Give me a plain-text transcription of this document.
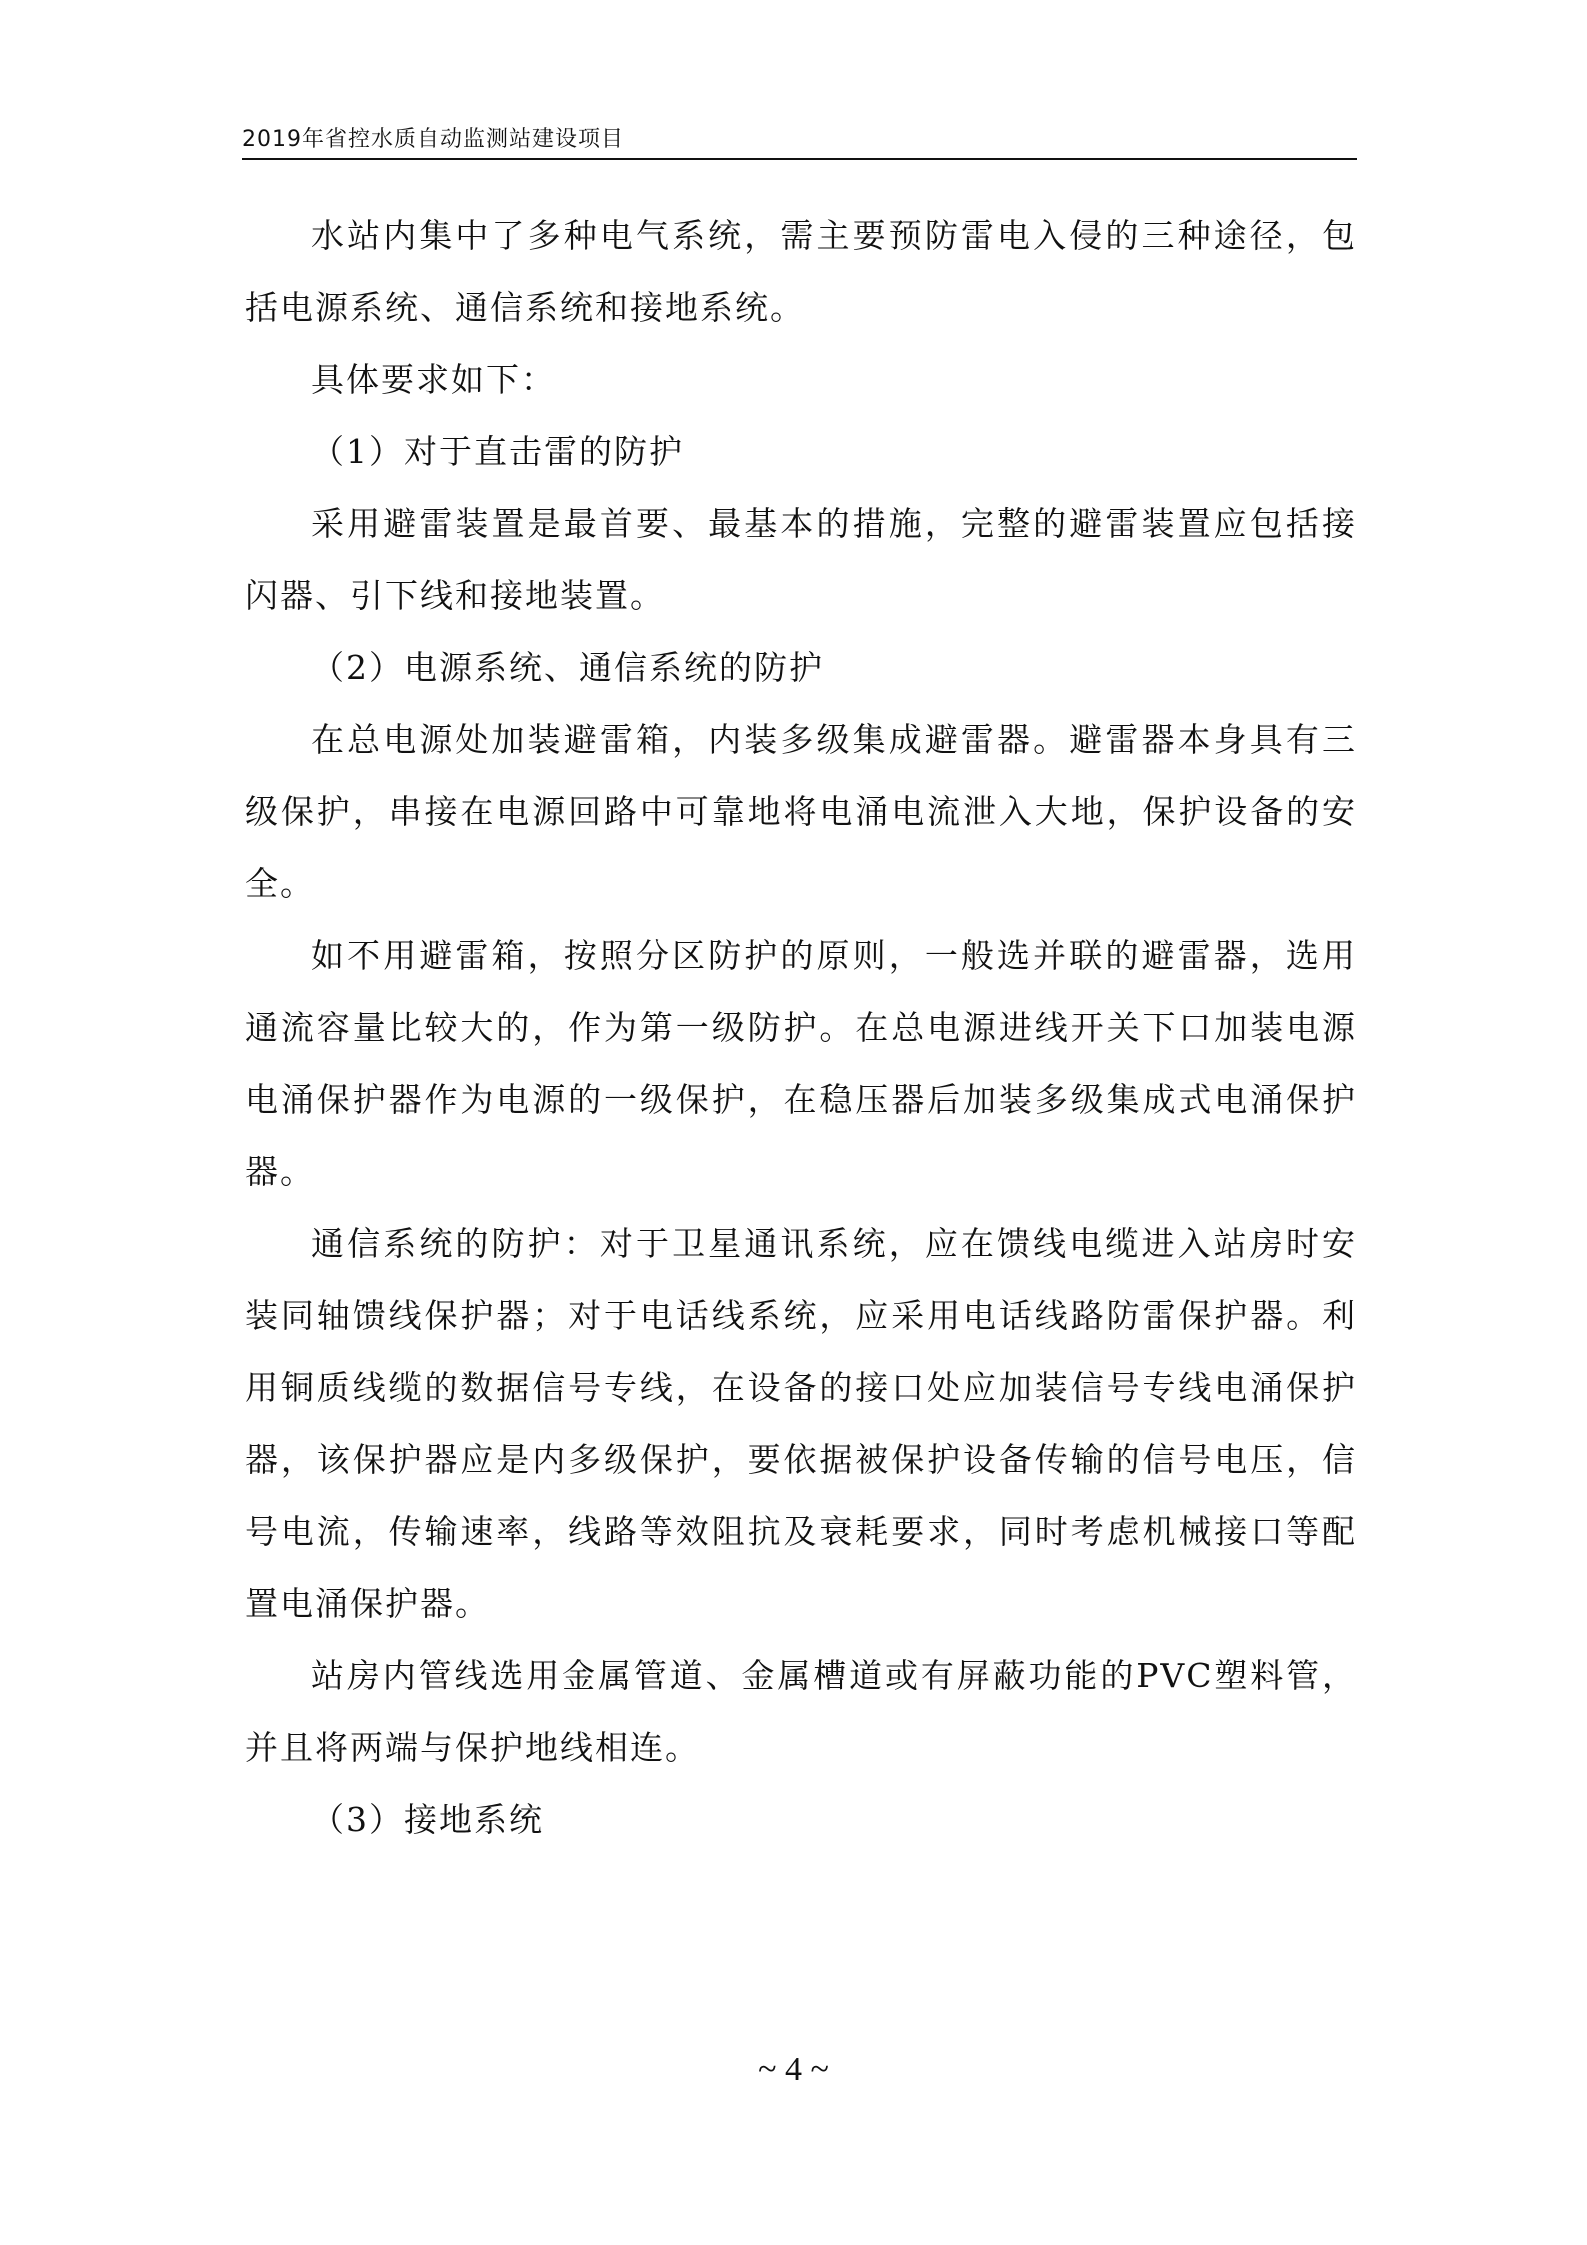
2019年省控水质自动监测站建设项目

水站内集中了多种电气系统，需主要预防雷电入侵的三种途径，包括电源系统、通信系统和接地系统。

具体要求如下：

（1）对于直击雷的防护

采用避雷装置是最首要、最基本的措施，完整的避雷装置应包括接闪器、引下线和接地装置。

（2）电源系统、通信系统的防护

在总电源处加装避雷箱，内装多级集成避雷器。避雷器本身具有三级保护，串接在电源回路中可靠地将电涌电流泄入大地，保护设备的安全。

如不用避雷箱，按照分区防护的原则，一般选并联的避雷器，选用通流容量比较大的，作为第一级防护。在总电源进线开关下口加装电源电涌保护器作为电源的一级保护，在稳压器后加装多级集成式电涌保护器。

通信系统的防护：对于卫星通讯系统，应在馈线电缆进入站房时安装同轴馈线保护器；对于电话线系统，应采用电话线路防雷保护器。利用铜质线缆的数据信号专线，在设备的接口处应加装信号专线电涌保护器，该保护器应是内多级保护，要依据被保护设备传输的信号电压，信号电流，传输速率，线路等效阻抗及衰耗要求，同时考虑机械接口等配置电涌保护器。

站房内管线选用金属管道、金属槽道或有屏蔽功能的PVC塑料管，并且将两端与保护地线相连。

（3）接地系统

~ 4 ~
